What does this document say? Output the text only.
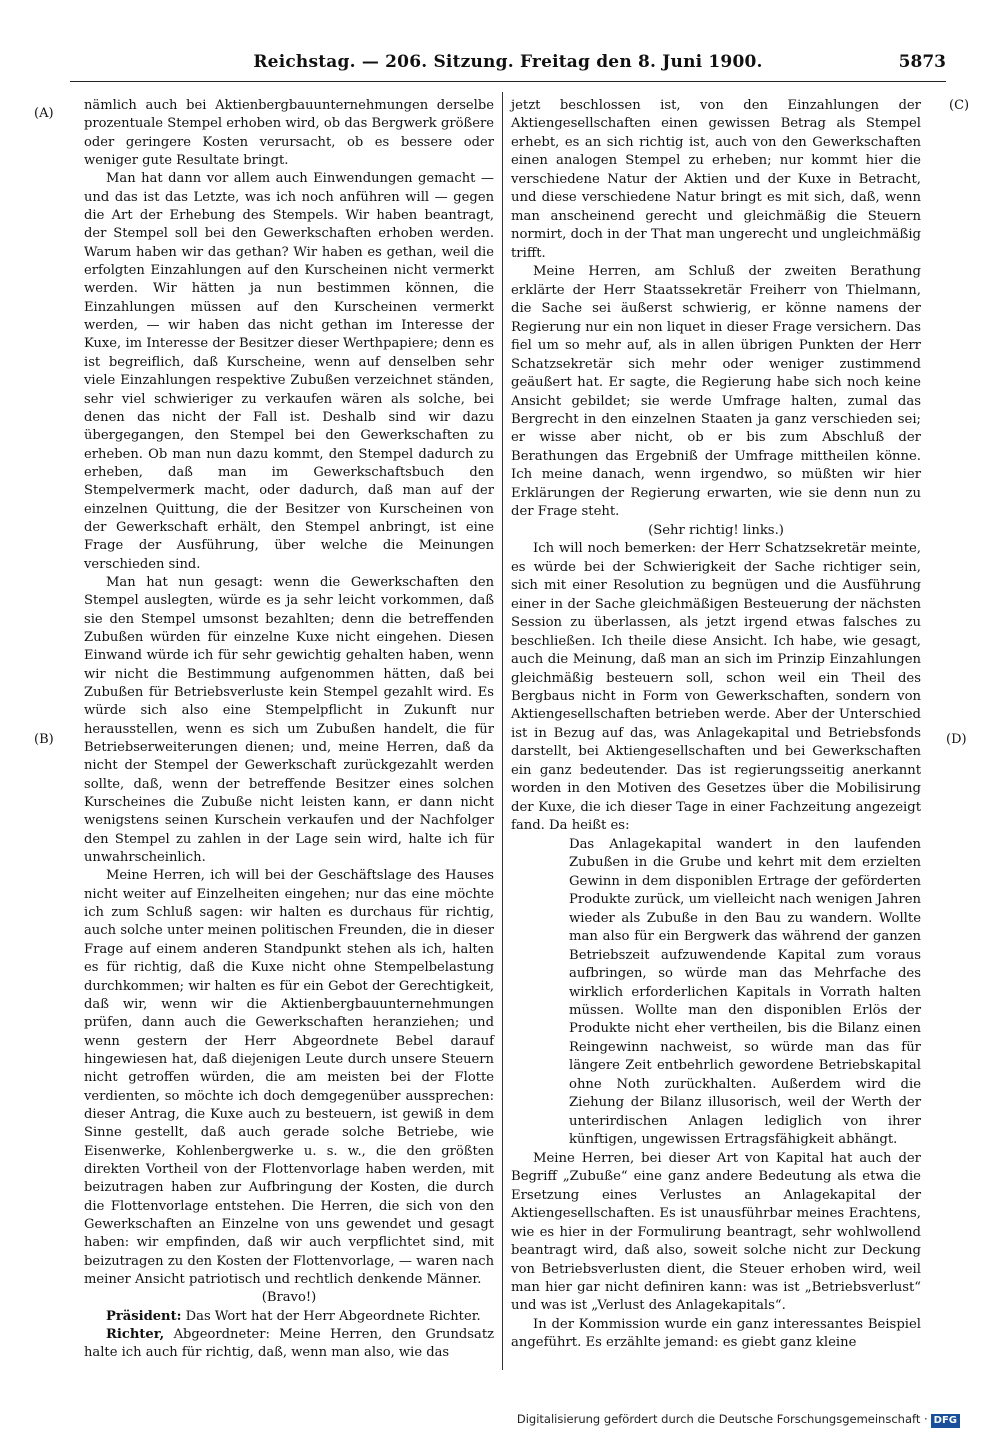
Reichstag. — 206. Sitzung. Freitag den 8. Juni 1900.	5873
(A)
(B)
(C)
(D)

nämlich auch bei Aktienbergbauunternehmungen derselbe prozentuale Stempel erhoben wird, ob das Bergwerk größere oder geringere Kosten verursacht, ob es bessere oder weniger gute Resultate bringt.

Man hat dann vor allem auch Einwendungen gemacht — und das ist das Letzte, was ich noch anführen will — gegen die Art der Erhebung des Stempels. Wir haben beantragt, der Stempel soll bei den Gewerkschaften erhoben werden. Warum haben wir das gethan? Wir haben es gethan, weil die erfolgten Einzahlungen auf den Kurscheinen nicht vermerkt werden. Wir hätten ja nun bestimmen können, die Einzahlungen müssen auf den Kurscheinen vermerkt werden, — wir haben das nicht gethan im Interesse der Kuxe, im Interesse der Besitzer dieser Werthpapiere; denn es ist begreiflich, daß Kurscheine, wenn auf denselben sehr viele Einzahlungen respektive Zubußen verzeichnet ständen, sehr viel schwieriger zu verkaufen wären als solche, bei denen das nicht der Fall ist. Deshalb sind wir dazu übergegangen, den Stempel bei den Gewerkschaften zu erheben. Ob man nun dazu kommt, den Stempel dadurch zu erheben, daß man im Gewerkschaftsbuch den Stempelvermerk macht, oder dadurch, daß man auf der einzelnen Quittung, die der Besitzer von Kurscheinen von der Gewerkschaft erhält, den Stempel anbringt, ist eine Frage der Ausführung, über welche die Meinungen verschieden sind.

Man hat nun gesagt: wenn die Gewerkschaften den Stempel auslegten, würde es ja sehr leicht vorkommen, daß sie den Stempel umsonst bezahlten; denn die betreffenden Zubußen würden für einzelne Kuxe nicht eingehen. Diesen Einwand würde ich für sehr gewichtig gehalten haben, wenn wir nicht die Bestimmung aufgenommen hätten, daß bei Zubußen für Betriebsverluste kein Stempel gezahlt wird. Es würde sich also eine Stempelpflicht in Zukunft nur herausstellen, wenn es sich um Zubußen handelt, die für Betriebserweiterungen dienen; und, meine Herren, daß da nicht der Stempel der Gewerkschaft zurückgezahlt werden sollte, daß, wenn der betreffende Besitzer eines solchen Kurscheines die Zubuße nicht leisten kann, er dann nicht wenigstens seinen Kurschein verkaufen und der Nachfolger den Stempel zu zahlen in der Lage sein wird, halte ich für unwahrscheinlich.

Meine Herren, ich will bei der Geschäftslage des Hauses nicht weiter auf Einzelheiten eingehen; nur das eine möchte ich zum Schluß sagen: wir halten es durchaus für richtig, auch solche unter meinen politischen Freunden, die in dieser Frage auf einem anderen Standpunkt stehen als ich, halten es für richtig, daß die Kuxe nicht ohne Stempelbelastung durchkommen; wir halten es für ein Gebot der Gerechtigkeit, daß wir, wenn wir die Aktienbergbauunternehmungen prüfen, dann auch die Gewerkschaften heranziehen; und wenn gestern der Herr Abgeordnete Bebel darauf hingewiesen hat, daß diejenigen Leute durch unsere Steuern nicht getroffen würden, die am meisten bei der Flotte verdienten, so möchte ich doch demgegenüber aussprechen: dieser Antrag, die Kuxe auch zu besteuern, ist gewiß in dem Sinne gestellt, daß auch gerade solche Betriebe, wie Eisenwerke, Kohlenbergwerke u. s. w., die den größten direkten Vortheil von der Flottenvorlage haben werden, mit beizutragen haben zur Aufbringung der Kosten, die durch die Flottenvorlage entstehen. Die Herren, die sich von den Gewerkschaften an Einzelne von uns gewendet und gesagt haben: wir empfinden, daß wir auch verpflichtet sind, mit beizutragen zu den Kosten der Flottenvorlage, — waren nach meiner Ansicht patriotisch und rechtlich denkende Männer.

(Bravo!)

Präsident: Das Wort hat der Herr Abgeordnete Richter.

Richter, Abgeordneter: Meine Herren, den Grundsatz halte ich auch für richtig, daß, wenn man also, wie das

jetzt beschlossen ist, von den Einzahlungen der Aktiengesellschaften einen gewissen Betrag als Stempel erhebt, es an sich richtig ist, auch von den Gewerkschaften einen analogen Stempel zu erheben; nur kommt hier die verschiedene Natur der Aktien und der Kuxe in Betracht, und diese verschiedene Natur bringt es mit sich, daß, wenn man anscheinend gerecht und gleichmäßig die Steuern normirt, doch in der That man ungerecht und ungleichmäßig trifft.

Meine Herren, am Schluß der zweiten Berathung erklärte der Herr Staatssekretär Freiherr von Thielmann, die Sache sei äußerst schwierig, er könne namens der Regierung nur ein non liquet in dieser Frage versichern. Das fiel um so mehr auf, als in allen übrigen Punkten der Herr Schatzsekretär sich mehr oder weniger zustimmend geäußert hat. Er sagte, die Regierung habe sich noch keine Ansicht gebildet; sie werde Umfrage halten, zumal das Bergrecht in den einzelnen Staaten ja ganz verschieden sei; er wisse aber nicht, ob er bis zum Abschluß der Berathungen das Ergebniß der Umfrage mittheilen könne. Ich meine danach, wenn irgendwo, so müßten wir hier Erklärungen der Regierung erwarten, wie sie denn nun zu der Frage steht.

(Sehr richtig! links.)

Ich will noch bemerken: der Herr Schatzsekretär meinte, es würde bei der Schwierigkeit der Sache richtiger sein, sich mit einer Resolution zu begnügen und die Ausführung einer in der Sache gleichmäßigen Besteuerung der nächsten Session zu überlassen, als jetzt irgend etwas falsches zu beschließen. Ich theile diese Ansicht. Ich habe, wie gesagt, auch die Meinung, daß man an sich im Prinzip Einzahlungen gleichmäßig besteuern soll, schon weil ein Theil des Bergbaus nicht in Form von Gewerkschaften, sondern von Aktiengesellschaften betrieben werde. Aber der Unterschied ist in Bezug auf das, was Anlagekapital und Betriebsfonds darstellt, bei Aktiengesellschaften und bei Gewerkschaften ein ganz bedeutender. Das ist regierungsseitig anerkannt worden in den Motiven des Gesetzes über die Mobilisirung der Kuxe, die ich dieser Tage in einer Fachzeitung angezeigt fand. Da heißt es:

Das Anlagekapital wandert in den laufenden Zubußen in die Grube und kehrt mit dem erzielten Gewinn in dem disponiblen Ertrage der geförderten Produkte zurück, um vielleicht nach wenigen Jahren wieder als Zubuße in den Bau zu wandern. Wollte man also für ein Bergwerk das während der ganzen Betriebszeit aufzuwendende Kapital zum voraus aufbringen, so würde man das Mehrfache des wirklich erforderlichen Kapitals in Vorrath halten müssen. Wollte man den disponiblen Erlös der Produkte nicht eher vertheilen, bis die Bilanz einen Reingewinn nachweist, so würde man das für längere Zeit entbehrlich gewordene Betriebskapital ohne Noth zurückhalten. Außerdem wird die Ziehung der Bilanz illusorisch, weil der Werth der unterirdischen Anlagen lediglich von ihrer künftigen, ungewissen Ertragsfähigkeit abhängt.

Meine Herren, bei dieser Art von Kapital hat auch der Begriff „Zubuße“ eine ganz andere Bedeutung als etwa die Ersetzung eines Verlustes an Anlagekapital der Aktiengesellschaften. Es ist unausführbar meines Erachtens, wie es hier in der Formulirung beantragt, sehr wohlwollend beantragt wird, daß also, soweit solche nicht zur Deckung von Betriebsverlusten dient, die Steuer erhoben wird, weil man hier gar nicht definiren kann: was ist „Betriebsverlust“ und was ist „Verlust des Anlagekapitals“.

In der Kommission wurde ein ganz interessantes Beispiel angeführt. Es erzählte jemand: es giebt ganz kleine

Digitalisierung gefördert durch die Deutsche Forschungsgemeinschaft · DFG
